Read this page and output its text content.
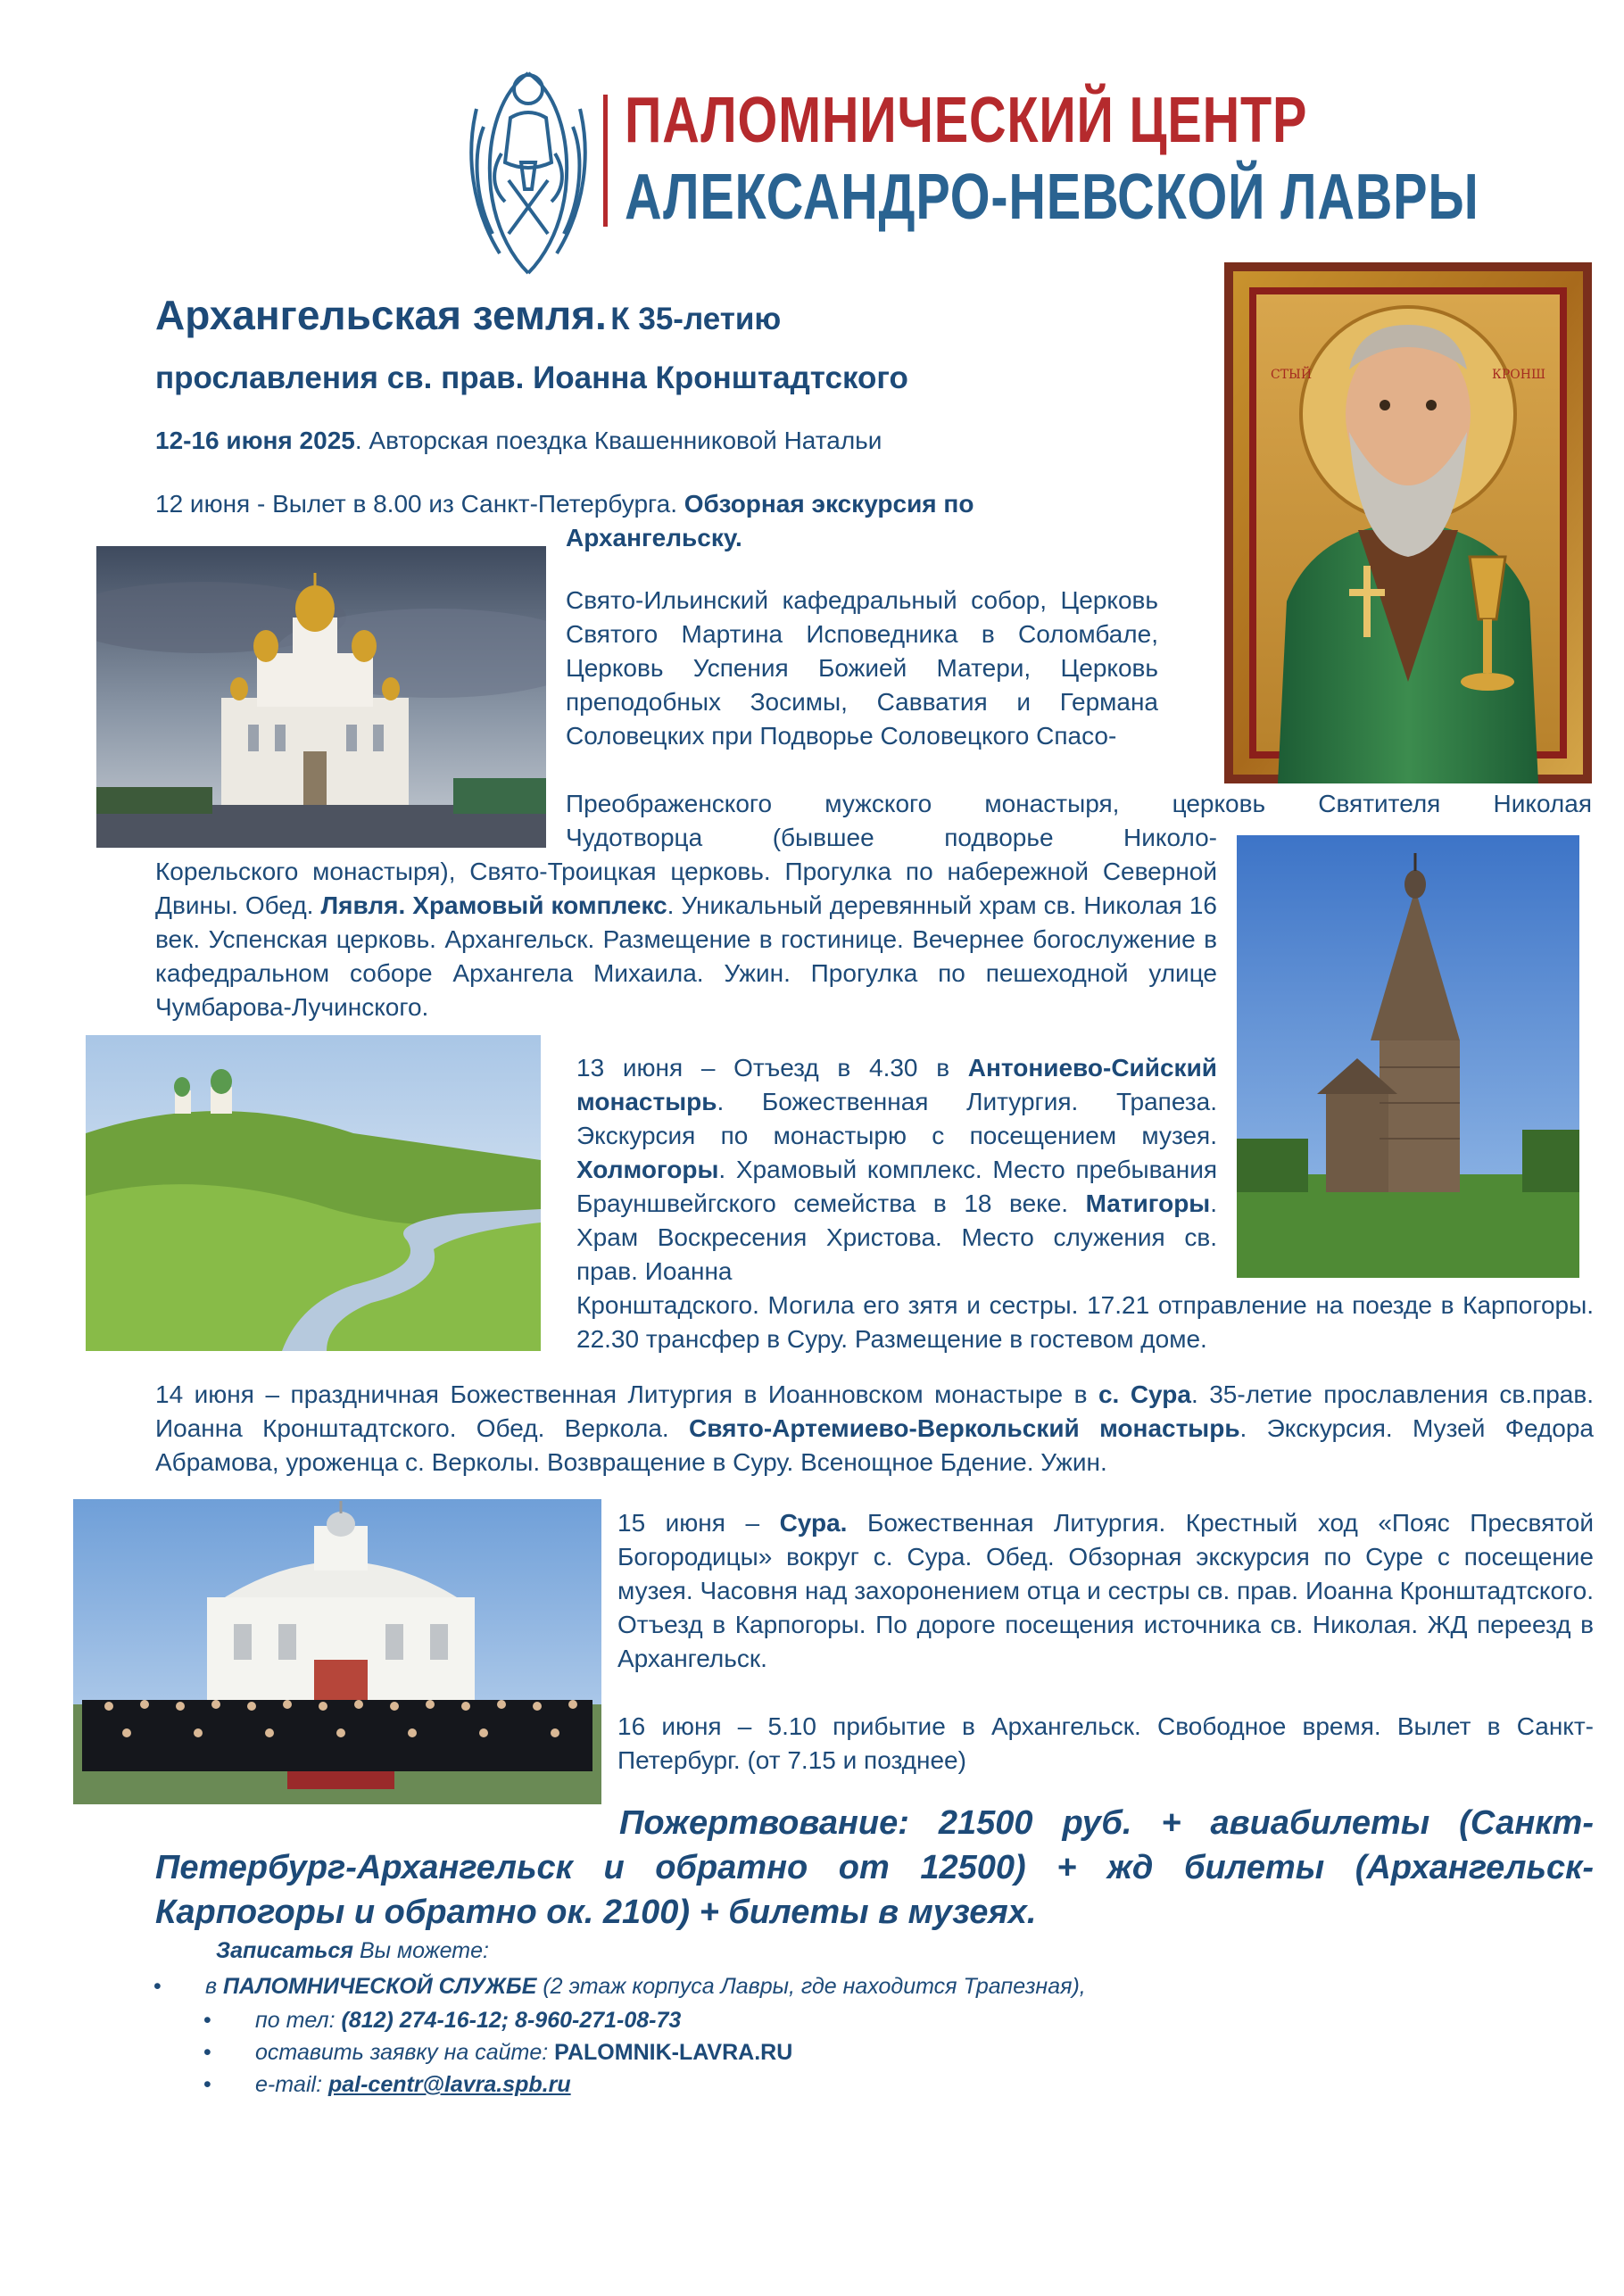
ПАЛОМНИЧЕСКИЙ ЦЕНТР
АЛЕКСАНДРО-НЕВСКОЙ ЛАВРЫ
Архангельская земля. К 35-летию
прославления св. прав. Иоанна Кронштадтского
12-16 июня 2025. Авторская поездка Квашенниковой Натальи
СТЫЙ	КРОНШ
12 июня - Вылет в 8.00 из Санкт-Петербурга. Обзорная экскурсия по
Архангельску.
Свято-Ильинский кафедральный собор, Церковь Святого Мартина Исповедника в Соломбале, Церковь Успения Божией Матери, Церковь преподобных Зосимы, Савватия и Германа Соловецких при Подворье Соловецкого Спасо-
Преображенского мужского монастыря, церковь Святителя Николая
Чудотворца (бывшее подворье Николо-
Корельского монастыря), Свято-Троицкая церковь. Прогулка по набережной Северной Двины. Обед. Лявля. Храмовый комплекс. Уникальный деревянный храм св. Николая 16 век. Успенская церковь. Архангельск. Размещение в гостинице. Вечернее богослужение в кафедральном соборе Архангела Михаила. Ужин. Прогулка по пешеходной улице Чумбарова-Лучинского.
13 июня – Отъезд в 4.30 в Антониево-Сийский монастырь. Божественная Литургия. Трапеза. Экскурсия по монастырю с посещением музея. Холмогоры. Храмовый комплекс. Место пребывания Брауншвейгского семейства в 18 веке. Матигоры. Храм Воскресения Христова. Место служения св. прав. Иоанна
Кронштадского. Могила его зятя и сестры. 17.21 отправление на поезде в Карпогоры. 22.30 трансфер в Суру. Размещение в гостевом доме.
14 июня – праздничная Божественная Литургия в Иоанновском монастыре в с. Сура. 35-летие прославления св.прав. Иоанна Кронштадтского. Обед. Веркола. Свято-Артемиево-Веркольский монастырь. Экскурсия. Музей Федора Абрамова, уроженца с. Верколы. Возвращение в Суру. Всенощное Бдение. Ужин.
15 июня – Сура. Божественная Литургия. Крестный ход «Пояс Пресвятой Богородицы» вокруг с. Сура. Обед. Обзорная экскурсия по Суре с посещение музея. Часовня над захоронением отца и сестры св. прав. Иоанна Кронштадтского. Отъезд в Карпогоры. По дороге посещения источника св. Николая. ЖД переезд в Архангельск.
16 июня – 5.10 прибытие в Архангельск. Свободное время. Вылет в Санкт-Петербург. (от 7.15 и позднее)
Пожертвование: 21500 руб. + авиабилеты (Санкт-Петербург-Архангельск и обратно от 12500) + жд билеты (Архангельск-Карпогоры и обратно ок. 2100) + билеты в музеях.
Записаться Вы можете:
• в ПАЛОМНИЧЕСКОЙ СЛУЖБЕ (2 этаж корпуса Лавры, где находится Трапезная),
• по тел: (812) 274-16-12; 8-960-271-08-73
• оставить заявку на сайте: PALOMNIK-LAVRA.RU
• e-mail: pal-centr@lavra.spb.ru
